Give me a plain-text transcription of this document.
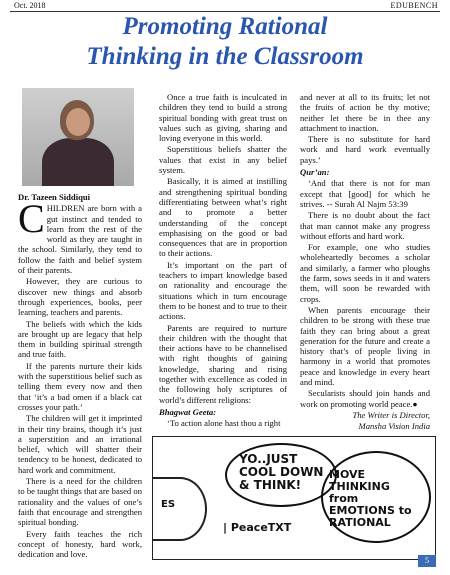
Oct. 2018	EDUBENCH
Promoting Rational
Thinking in the Classroom

Dr. Tazeen Siddiqui

CHILDREN are born with a gut instinct and tended to learn from the rest of the world as they are taught in the school. Similarly, they tend to follow the faith and belief system of their parents.

However, they are curious to discover new things and absorb through experiences, books, peer learning, teachers and parents.

The beliefs with which the kids are brought up are legacy that help them in building spiritual strength and true faith.

If the parents nurture their kids with the superstitious belief such as telling them every now and then that ‘it’s a bad omen if a black cat crosses your path.’

The children will get it imprinted in their tiny brains, though it’s just a superstition and an irrational belief, which will shatter their tendency to be honest, dedicated to hard work and commitment.

There is a need for the children to be taught things that are based on rationality and the values of one’s faith that encourage and strengthen spiritual bonding.

Every faith teaches the rich concept of honesty, hard work, dedication and love.

Once a true faith is inculcated in children they tend to build a strong spiritual bonding with great trust on values such as giving, sharing and loving everyone in this world.

Superstitious beliefs shatter the values that exist in any belief system.

Basically, it is aimed at instilling and strengthening spiritual bonding differentiating between what’s right and to promote a better understanding of the concept emphasising on the good or bad consequences that are in proportion to their actions.

It’s important on the part of teachers to impart knowledge based on rationality and encourage the situations which in turn encourage them to be honest and to true to their actions.

Parents are required to nurture their children with the thought that their actions have to be channelised with right thoughts of gaining knowledge, sharing and rising together with excellence as coded in the following holy scriptures of world’s different religions:

Bhagwat Geeta:

‘To action alone hast thou a right

and never at all to its fruits; let not the fruits of action be thy motive; neither let there be in thee any attachment to inaction.

There is no substitute for hard work and hard work eventually pays.’

Qur’an:

‘And that there is not for man except that [good] for which he strives. -- Surah Al Najm 53:39

There is no doubt about the fact that man cannot make any progress without efforts and hard work.

For example, one who studies wholeheartedly becomes a scholar and similarly, a farmer who ploughs the farm, sows seeds in it and waters them, will soon be rewarded with crops.

When parents encourage their children to be strong with these true faith they can bring about a great generation for the future and create a history that’s of people living in harmony in a world that promotes peace and knowledge in every heart and mind.

Secularists should join hands and work on promoting world peace.●

The Writer is Director,

Mansha Vision India

ES
YO..JUST COOL DOWN & THINK!
MOVE THINKING from EMOTIONS to RATIONAL
| PeaceTXT
5
